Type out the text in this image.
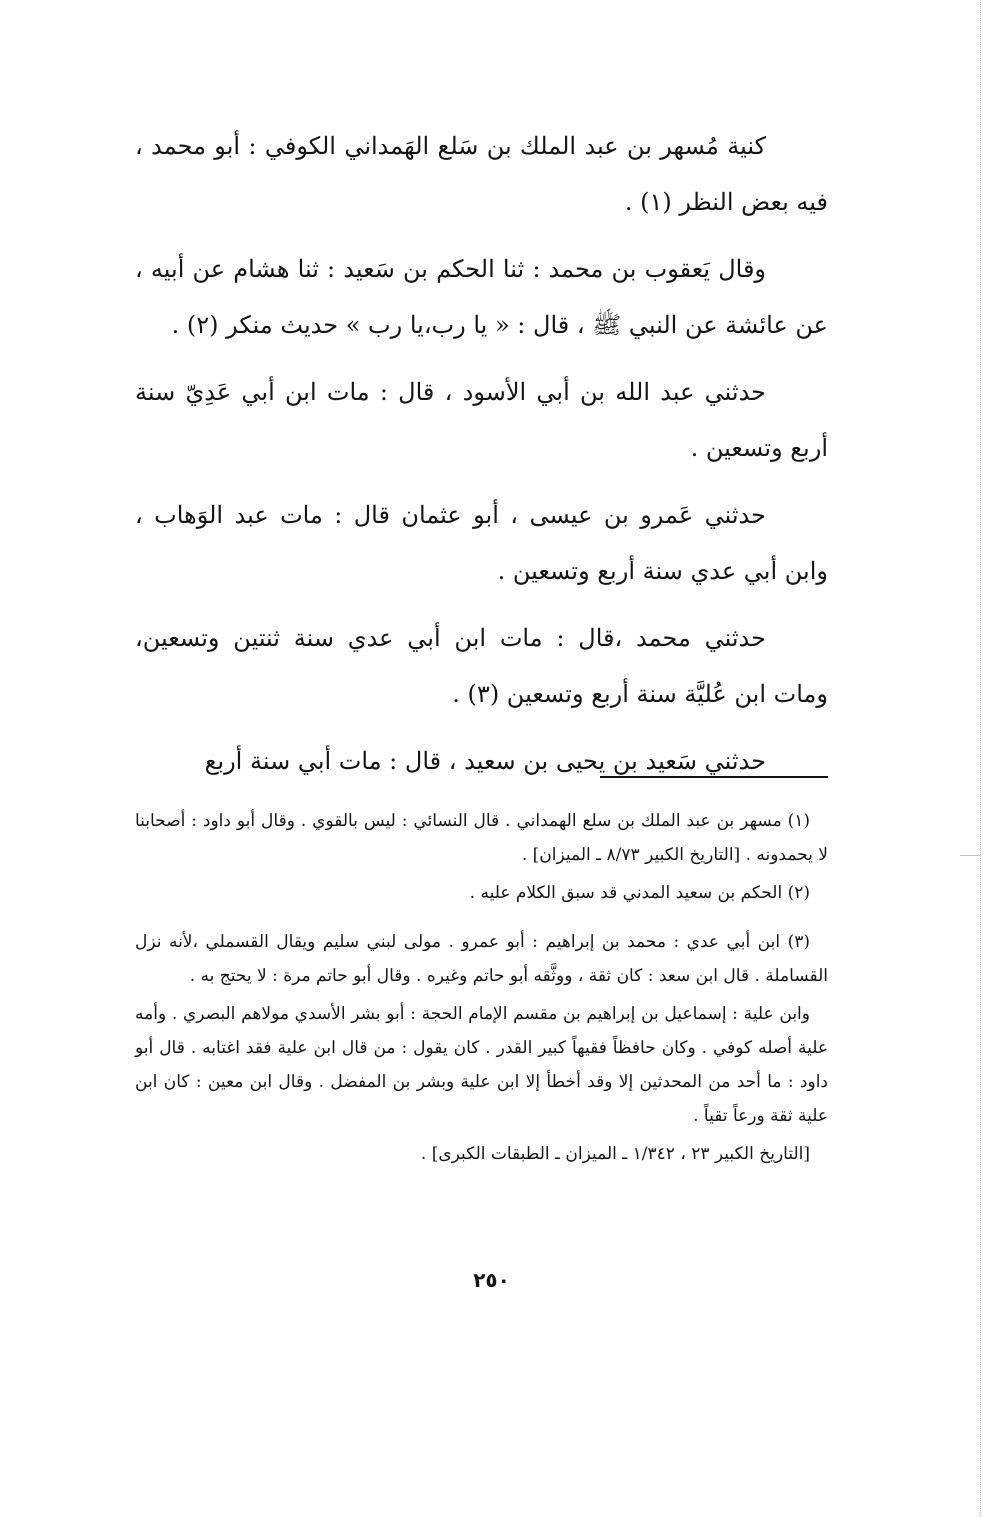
كنية مُسهر بن عبد الملك بن سَلع الهَمداني الكوفي : أبو محمد ، فيه بعض النظر (١) .

وقال يَعقوب بن محمد : ثنا الحكم بن سَعيد : ثنا هشام عن أبيه ، عن عائشة عن النبي ﷺ ، قال : « يا رب،يا رب » حديث منكر (٢) .

حدثني عبد الله بن أبي الأسود ، قال : مات ابن أبي عَدِيّ سنة أربع وتسعين .

حدثني عَمرو بن عيسى ، أبو عثمان قال : مات عبد الوَهاب ، وابن أبي عدي سنة أربع وتسعين .

حدثني محمد ،قال : مات ابن أبي عدي سنة ثنتين وتسعين، ومات ابن عُليَّة سنة أربع وتسعين (٣) .

حدثني سَعيد بن يحيى بن سعيد ، قال : مات أبي سنة أربع

(١) مسهر بن عبد الملك بن سلع الهمداني . قال النسائي : ليس بالقوي . وقال أبو داود : أصحابنا لا يحمدونه . [التاريخ الكبير ٨/٧٣ ـ الميزان] .

(٢) الحكم بن سعيد المدني قد سبق الكلام عليه .

(٣) ابن أبي عدي : محمد بن إبراهيم : أبو عمرو . مولى لبني سليم ويقال القسملي ،لأنه نزل القساملة . قال ابن سعد : كان ثقة ، ووثَّقه أبو حاتم وغيره . وقال أبو حاتم مرة : لا يحتج به .

وابن علية : إسماعيل بن إبراهيم بن مقسم الإمام الحجة : أبو بشر الأسدي مولاهم البصري . وأمه علية أصله كوفي . وكان حافظاً فقيهاً كبير القدر . كان يقول : من قال ابن علية فقد اغتابه . قال أبو داود : ما أحد من المحدثين إلا وقد أخطأ إلا ابن علية وبشر بن المفضل . وقال ابن معين : كان ابن علية ثقة ورعاً تقياً .

[التاريخ الكبير ٢٣ ، ١/٣٤٢ ـ الميزان ـ الطبقات الكبرى] .

٢٥٠
